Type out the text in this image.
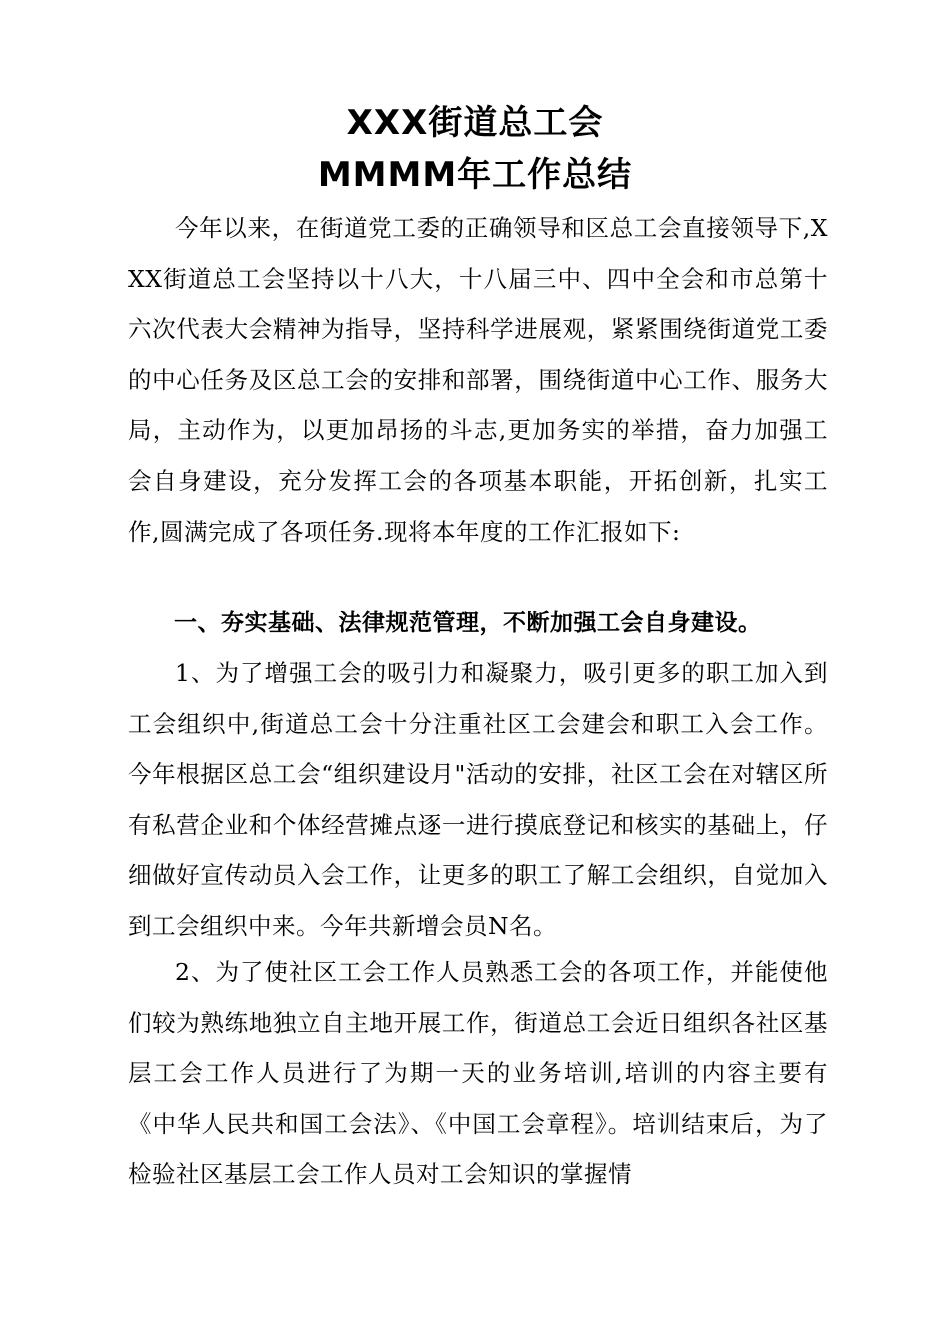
XXX街道总工会
MMMM年工作总结

今年以来，在街道党工委的正确领导和区总工会直接领导下,XXX街道总工会坚持以十八大，十八届三中、四中全会和市总第十六次代表大会精神为指导，坚持科学进展观，紧紧围绕街道党工委的中心任务及区总工会的安排和部署，围绕街道中心工作、服务大局，主动作为，以更加昂扬的斗志,更加务实的举措，奋力加强工会自身建设，充分发挥工会的各项基本职能，开拓创新，扎实工作,圆满完成了各项任务.现将本年度的工作汇报如下:

一、夯实基础、法律规范管理，不断加强工会自身建设。

1、为了增强工会的吸引力和凝聚力，吸引更多的职工加入到工会组织中,街道总工会十分注重社区工会建会和职工入会工作。今年根据区总工会“组织建设月"活动的安排，社区工会在对辖区所有私营企业和个体经营摊点逐一进行摸底登记和核实的基础上，仔细做好宣传动员入会工作，让更多的职工了解工会组织，自觉加入到工会组织中来。今年共新增会员N名。

2、为了使社区工会工作人员熟悉工会的各项工作，并能使他们较为熟练地独立自主地开展工作，街道总工会近日组织各社区基层工会工作人员进行了为期一天的业务培训,培训的内容主要有《中华人民共和国工会法》、《中国工会章程》。培训结束后，为了检验社区基层工会工作人员对工会知识的掌握情
